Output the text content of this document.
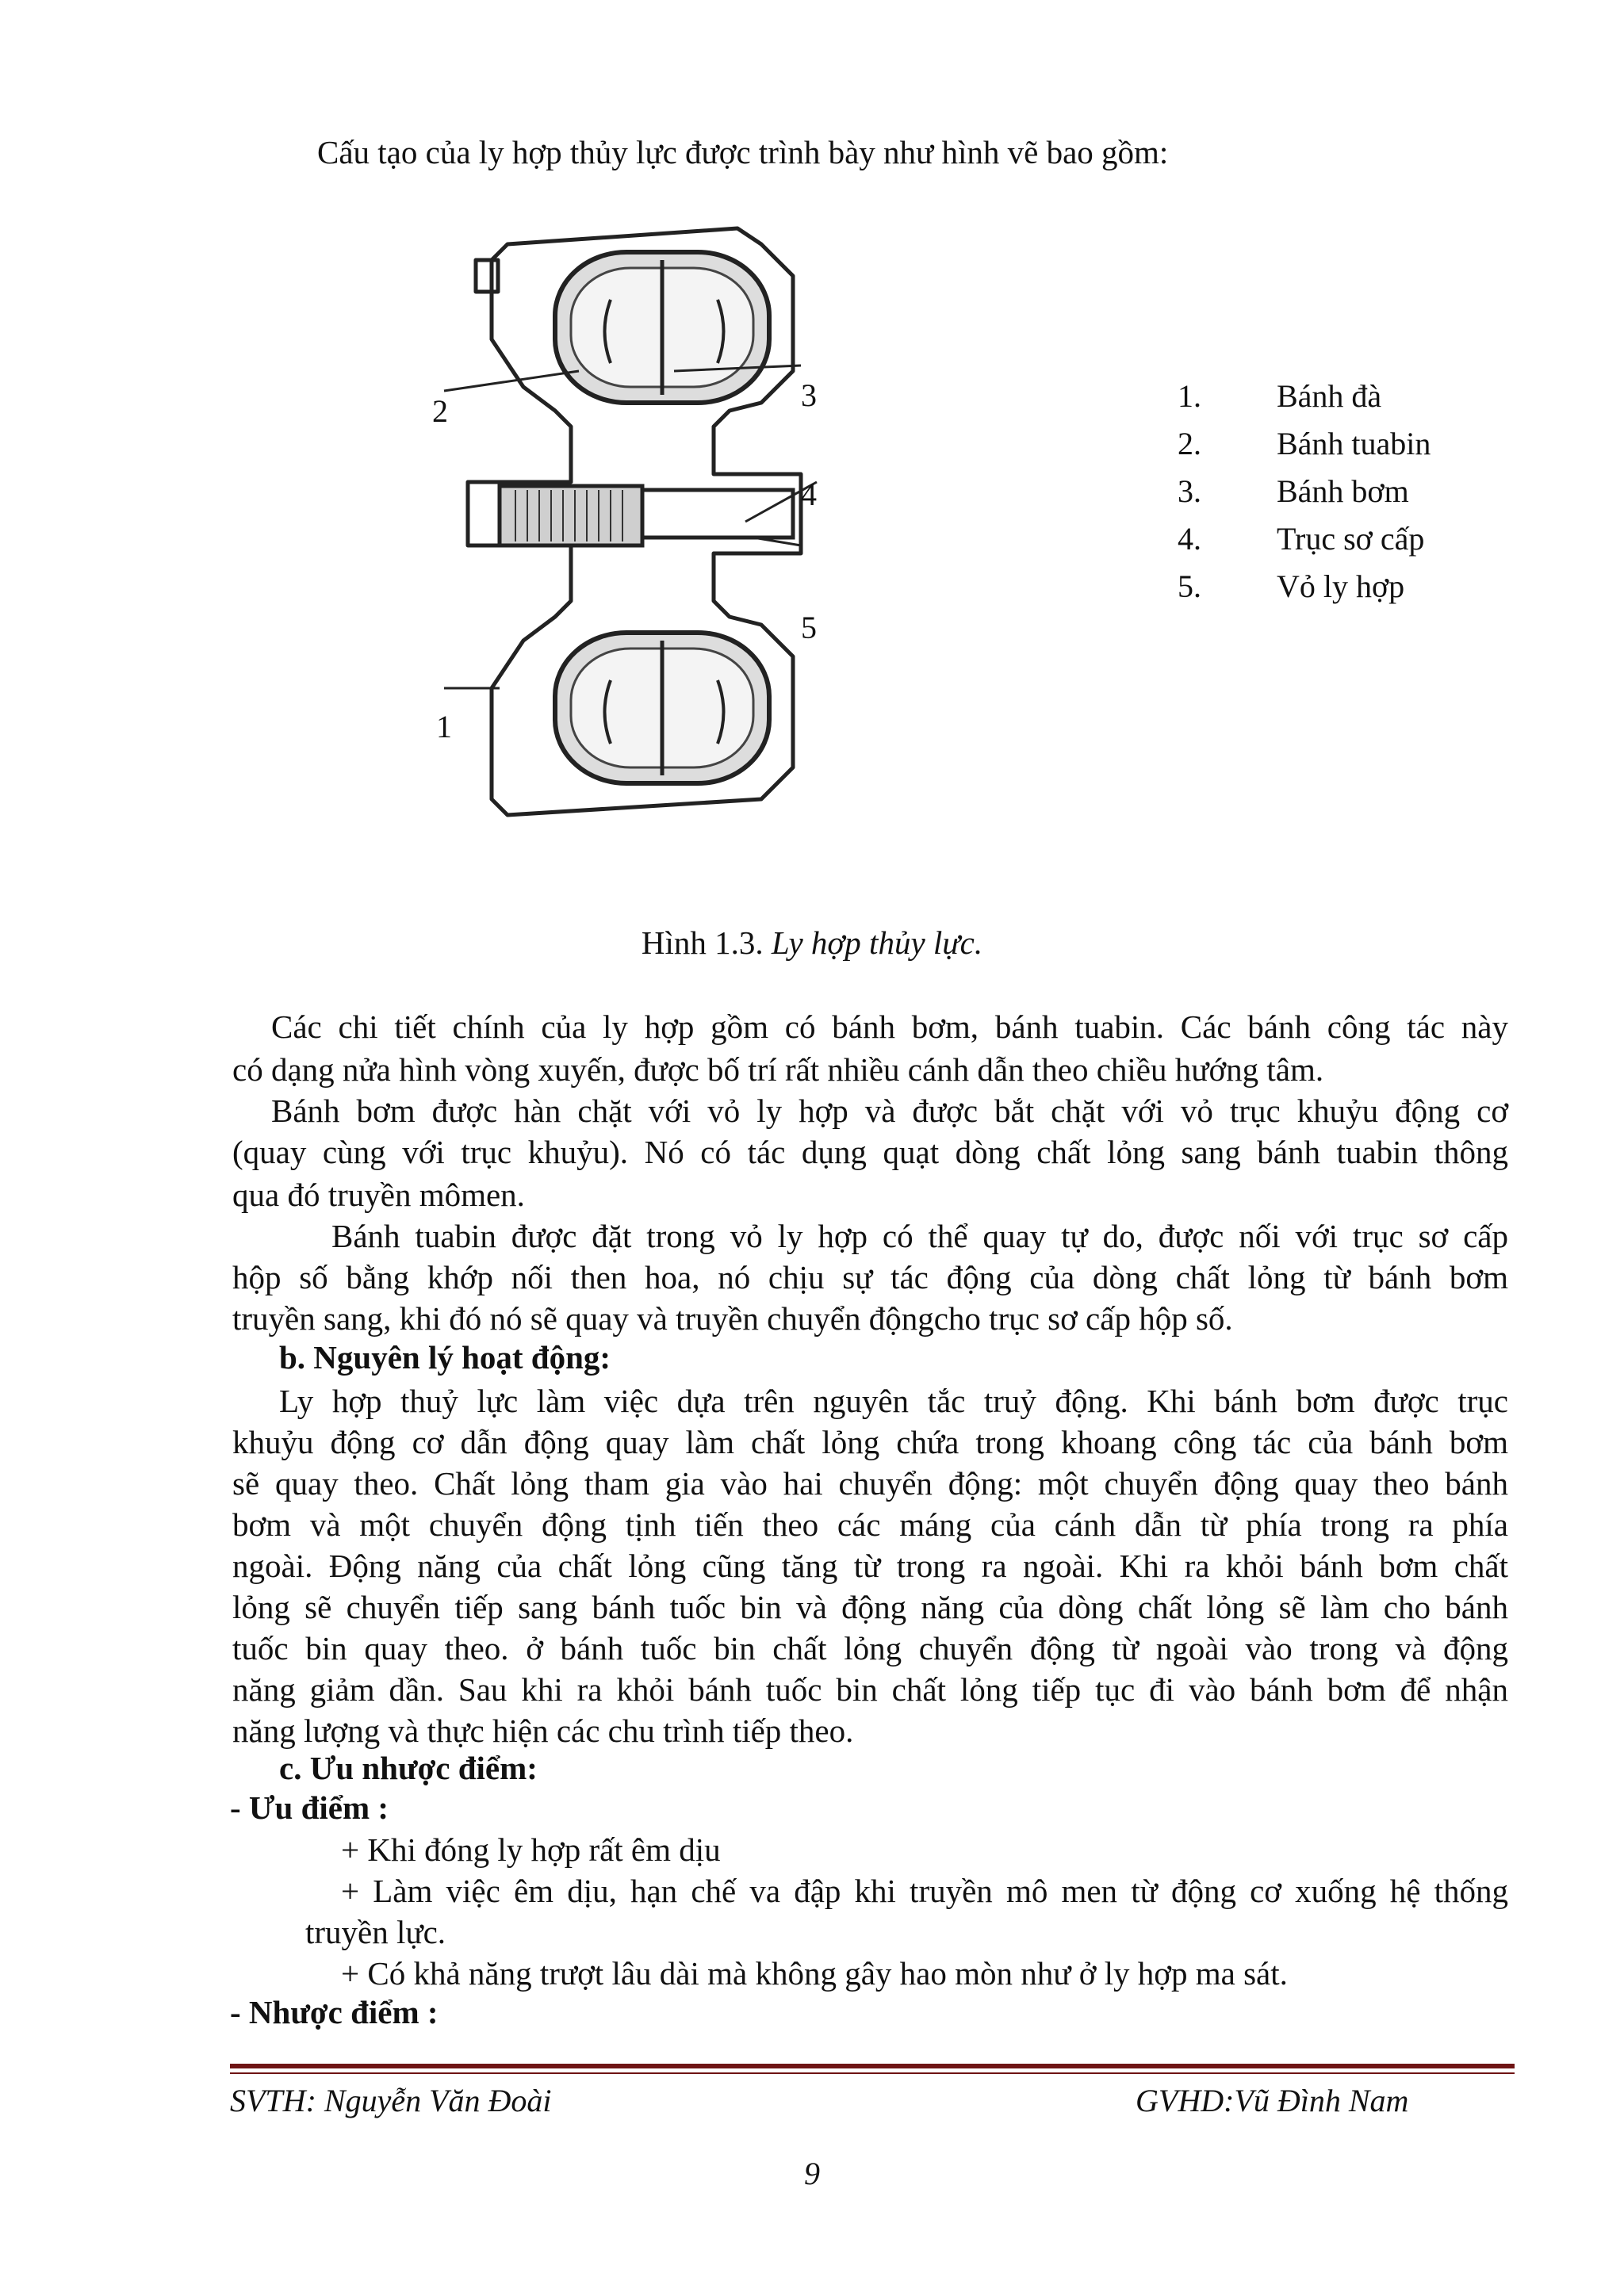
Cấu tạo của ly hợp thủy lực được trình bày như hình vẽ bao gồm:
2	3
4
5
1
1.	Bánh đà
2.	Bánh tuabin
3.	Bánh bơm
4.	Trục sơ cấp
5.	Vỏ ly hợp
Hình 1.3. Ly hợp thủy lực.
Các chi tiết chính của ly hợp gồm có bánh bơm, bánh tuabin. Các bánh công tác này
có dạng nửa hình vòng xuyến, được bố trí rất nhiều cánh dẫn theo chiều hướng tâm.
Bánh bơm được hàn chặt với vỏ ly hợp và được bắt chặt với vỏ trục khuỷu động cơ
(quay cùng với trục khuỷu). Nó có tác dụng quạt dòng chất lỏng sang bánh tuabin thông
qua đó truyền mômen.
Bánh tuabin được đặt trong vỏ ly hợp có thể quay tự do, được nối với trục sơ cấp
hộp số bằng khớp nối then hoa, nó chịu sự tác động của dòng chất lỏng từ bánh bơm
truyền sang, khi đó nó sẽ quay và truyền chuyển độngcho trục sơ cấp hộp số.
b. Nguyên lý hoạt động:
Ly hợp thuỷ lực làm việc dựa trên nguyên tắc truỷ động. Khi bánh bơm được trục
khuỷu động cơ dẫn động quay làm chất lỏng chứa trong khoang công tác của bánh bơm
sẽ quay theo. Chất lỏng tham gia vào hai chuyển động: một chuyển động quay theo bánh
bơm và một chuyển động tịnh tiến theo các máng của cánh dẫn từ phía trong ra phía
ngoài. Động năng của chất lỏng cũng tăng từ trong ra ngoài. Khi ra khỏi bánh bơm chất
lỏng sẽ chuyển tiếp sang bánh tuốc bin và động năng của dòng chất lỏng sẽ làm cho bánh
tuốc bin quay theo. ở bánh tuốc bin chất lỏng chuyển động từ ngoài vào trong và động
năng giảm dần. Sau khi ra khỏi bánh tuốc bin chất lỏng tiếp tục đi vào bánh bơm để nhận
năng lượng và thực hiện các chu trình tiếp theo.
c. Ưu nhược điểm:
- Ưu điểm :
+ Khi đóng ly hợp rất êm dịu
+ Làm việc êm dịu, hạn chế va đập khi truyền mô men từ động cơ xuống hệ thống
truyền lực.
+ Có khả năng trượt lâu dài mà không gây hao mòn như ở ly hợp ma sát.
- Nhược điểm :
SVTH: Nguyễn Văn Đoài	GVHD:Vũ Đình Nam
9
